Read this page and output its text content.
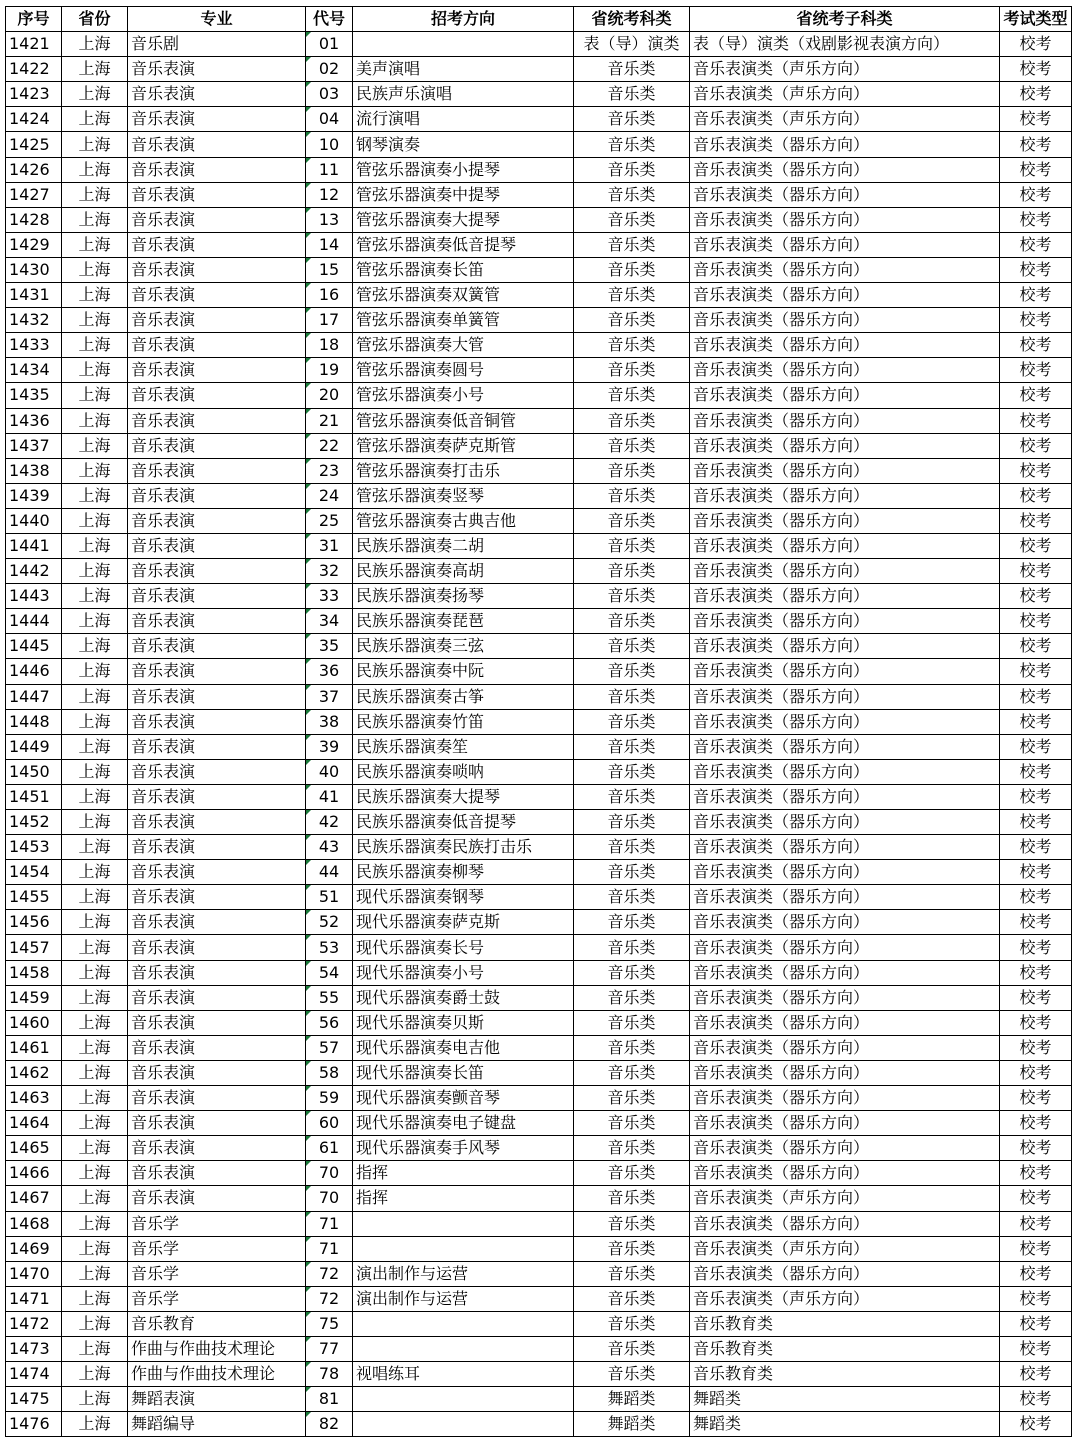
序号	省份	专业	代号	招考方向	省统考科类	省统考子科类	考试类型
1421	上海	音乐剧	01		表（导）演类	表（导）演类（戏剧影视表演方向）	校考
1422	上海	音乐表演	02	美声演唱	音乐类	音乐表演类（声乐方向）	校考
1423	上海	音乐表演	03	民族声乐演唱	音乐类	音乐表演类（声乐方向）	校考
1424	上海	音乐表演	04	流行演唱	音乐类	音乐表演类（声乐方向）	校考
1425	上海	音乐表演	10	钢琴演奏	音乐类	音乐表演类（器乐方向）	校考
1426	上海	音乐表演	11	管弦乐器演奏小提琴	音乐类	音乐表演类（器乐方向）	校考
1427	上海	音乐表演	12	管弦乐器演奏中提琴	音乐类	音乐表演类（器乐方向）	校考
1428	上海	音乐表演	13	管弦乐器演奏大提琴	音乐类	音乐表演类（器乐方向）	校考
1429	上海	音乐表演	14	管弦乐器演奏低音提琴	音乐类	音乐表演类（器乐方向）	校考
1430	上海	音乐表演	15	管弦乐器演奏长笛	音乐类	音乐表演类（器乐方向）	校考
1431	上海	音乐表演	16	管弦乐器演奏双簧管	音乐类	音乐表演类（器乐方向）	校考
1432	上海	音乐表演	17	管弦乐器演奏单簧管	音乐类	音乐表演类（器乐方向）	校考
1433	上海	音乐表演	18	管弦乐器演奏大管	音乐类	音乐表演类（器乐方向）	校考
1434	上海	音乐表演	19	管弦乐器演奏圆号	音乐类	音乐表演类（器乐方向）	校考
1435	上海	音乐表演	20	管弦乐器演奏小号	音乐类	音乐表演类（器乐方向）	校考
1436	上海	音乐表演	21	管弦乐器演奏低音铜管	音乐类	音乐表演类（器乐方向）	校考
1437	上海	音乐表演	22	管弦乐器演奏萨克斯管	音乐类	音乐表演类（器乐方向）	校考
1438	上海	音乐表演	23	管弦乐器演奏打击乐	音乐类	音乐表演类（器乐方向）	校考
1439	上海	音乐表演	24	管弦乐器演奏竖琴	音乐类	音乐表演类（器乐方向）	校考
1440	上海	音乐表演	25	管弦乐器演奏古典吉他	音乐类	音乐表演类（器乐方向）	校考
1441	上海	音乐表演	31	民族乐器演奏二胡	音乐类	音乐表演类（器乐方向）	校考
1442	上海	音乐表演	32	民族乐器演奏高胡	音乐类	音乐表演类（器乐方向）	校考
1443	上海	音乐表演	33	民族乐器演奏扬琴	音乐类	音乐表演类（器乐方向）	校考
1444	上海	音乐表演	34	民族乐器演奏琵琶	音乐类	音乐表演类（器乐方向）	校考
1445	上海	音乐表演	35	民族乐器演奏三弦	音乐类	音乐表演类（器乐方向）	校考
1446	上海	音乐表演	36	民族乐器演奏中阮	音乐类	音乐表演类（器乐方向）	校考
1447	上海	音乐表演	37	民族乐器演奏古筝	音乐类	音乐表演类（器乐方向）	校考
1448	上海	音乐表演	38	民族乐器演奏竹笛	音乐类	音乐表演类（器乐方向）	校考
1449	上海	音乐表演	39	民族乐器演奏笙	音乐类	音乐表演类（器乐方向）	校考
1450	上海	音乐表演	40	民族乐器演奏唢呐	音乐类	音乐表演类（器乐方向）	校考
1451	上海	音乐表演	41	民族乐器演奏大提琴	音乐类	音乐表演类（器乐方向）	校考
1452	上海	音乐表演	42	民族乐器演奏低音提琴	音乐类	音乐表演类（器乐方向）	校考
1453	上海	音乐表演	43	民族乐器演奏民族打击乐	音乐类	音乐表演类（器乐方向）	校考
1454	上海	音乐表演	44	民族乐器演奏柳琴	音乐类	音乐表演类（器乐方向）	校考
1455	上海	音乐表演	51	现代乐器演奏钢琴	音乐类	音乐表演类（器乐方向）	校考
1456	上海	音乐表演	52	现代乐器演奏萨克斯	音乐类	音乐表演类（器乐方向）	校考
1457	上海	音乐表演	53	现代乐器演奏长号	音乐类	音乐表演类（器乐方向）	校考
1458	上海	音乐表演	54	现代乐器演奏小号	音乐类	音乐表演类（器乐方向）	校考
1459	上海	音乐表演	55	现代乐器演奏爵士鼓	音乐类	音乐表演类（器乐方向）	校考
1460	上海	音乐表演	56	现代乐器演奏贝斯	音乐类	音乐表演类（器乐方向）	校考
1461	上海	音乐表演	57	现代乐器演奏电吉他	音乐类	音乐表演类（器乐方向）	校考
1462	上海	音乐表演	58	现代乐器演奏长笛	音乐类	音乐表演类（器乐方向）	校考
1463	上海	音乐表演	59	现代乐器演奏颤音琴	音乐类	音乐表演类（器乐方向）	校考
1464	上海	音乐表演	60	现代乐器演奏电子键盘	音乐类	音乐表演类（器乐方向）	校考
1465	上海	音乐表演	61	现代乐器演奏手风琴	音乐类	音乐表演类（器乐方向）	校考
1466	上海	音乐表演	70	指挥	音乐类	音乐表演类（器乐方向）	校考
1467	上海	音乐表演	70	指挥	音乐类	音乐表演类（声乐方向）	校考
1468	上海	音乐学	71		音乐类	音乐表演类（器乐方向）	校考
1469	上海	音乐学	71		音乐类	音乐表演类（声乐方向）	校考
1470	上海	音乐学	72	演出制作与运营	音乐类	音乐表演类（器乐方向）	校考
1471	上海	音乐学	72	演出制作与运营	音乐类	音乐表演类（声乐方向）	校考
1472	上海	音乐教育	75		音乐类	音乐教育类	校考
1473	上海	作曲与作曲技术理论	77		音乐类	音乐教育类	校考
1474	上海	作曲与作曲技术理论	78	视唱练耳	音乐类	音乐教育类	校考
1475	上海	舞蹈表演	81		舞蹈类	舞蹈类	校考
1476	上海	舞蹈编导	82		舞蹈类	舞蹈类	校考
